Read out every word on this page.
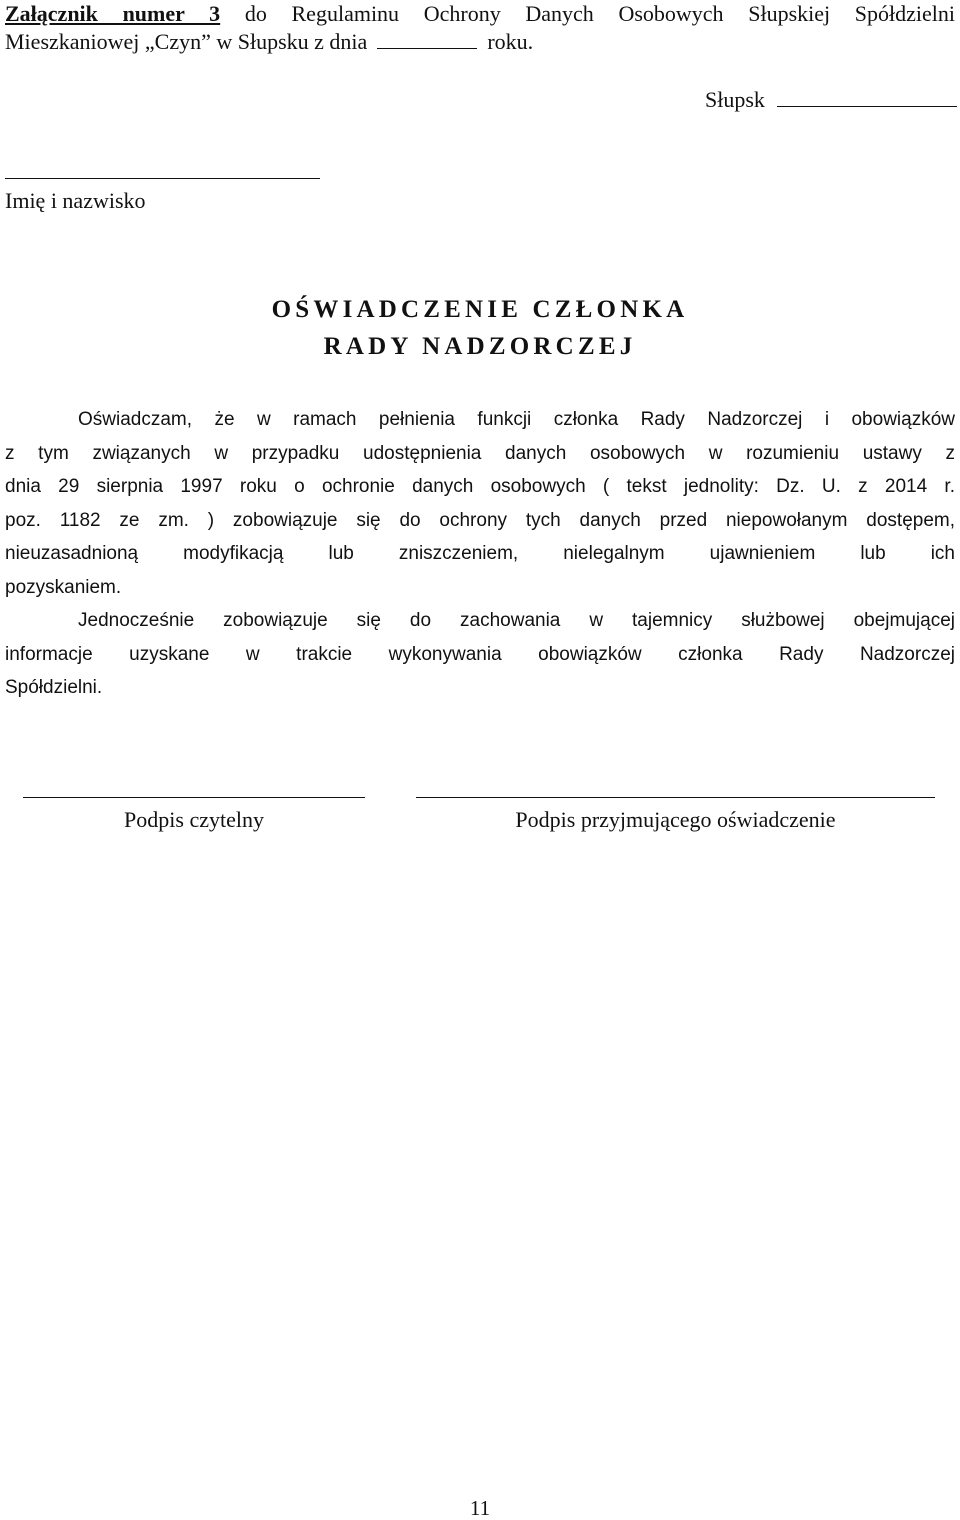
Załącznik numer 3 do Regulaminu Ochrony Danych Osobowych Słupskiej Spółdzielni
Mieszkaniowej „Czyn” w Słupsku z dnia	roku.
Słupsk
Imię i nazwisko
OŚWIADCZENIE CZŁONKA
RADY NADZORCZEJ
Oświadczam, że w ramach pełnienia funkcji członka Rady Nadzorczej i obowiązków
z tym związanych w przypadku udostępnienia danych osobowych w rozumieniu ustawy z
dnia 29 sierpnia 1997 roku o ochronie danych osobowych ( tekst jednolity: Dz. U. z 2014 r.
poz. 1182 ze zm. ) zobowiązuje się do ochrony tych danych przed niepowołanym dostępem,
nieuzasadnioną modyfikacją lub zniszczeniem, nielegalnym ujawnieniem lub ich
pozyskaniem.
Jednocześnie zobowiązuje się do zachowania w tajemnicy służbowej obejmującej
informacje uzyskane w trakcie wykonywania obowiązków członka Rady Nadzorczej
Spółdzielni.
Podpis czytelny	Podpis przyjmującego oświadczenie
11
